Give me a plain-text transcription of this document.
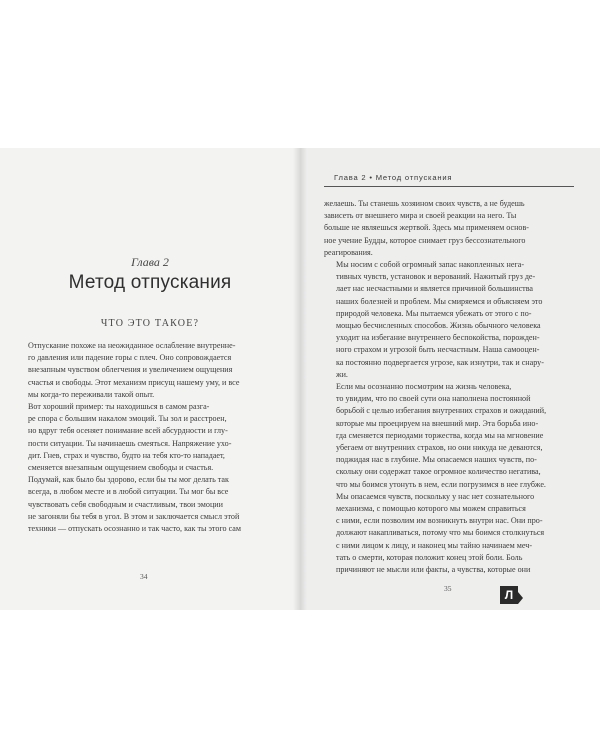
Глава 2
Метод отпускания
ЧТО ЭТО ТАКОЕ?

Отпускание похоже на неожиданное ослабление внутренне-
го давления или падение горы с плеч. Оно сопровождается
внезапным чувством облегчения и увеличением ощущения
счастья и свободы. Этот механизм присущ нашему уму, и все
мы когда-то переживали такой опыт.

Вот хороший пример: ты находишься в самом разга-
ре спора с большим накалом эмоций. Ты зол и расстроен,
но вдруг тебя осеняет понимание всей абсурдности и глу-
пости ситуации. Ты начинаешь смеяться. Напряжение ухо-
дит. Гнев, страх и чувство, будто на тебя кто-то нападает,
сменяется внезапным ощущением свободы и счастья.

Подумай, как было бы здорово, если бы ты мог делать так
всегда, в любом месте и в любой ситуации. Ты мог бы все
чувствовать себя свободным и счастливым, твои эмоции
не загоняли бы тебя в угол. В этом и заключается смысл этой
техники — отпускать осознанно и так часто, как ты этого сам

34
Глава 2 • Метод отпускания

желаешь. Ты станешь хозяином своих чувств, а не будешь
зависеть от внешнего мира и своей реакции на него. Ты
больше не являешься жертвой. Здесь мы применяем основ-
ное учение Будды, которое снимает груз бессознательного
реагирования.

Мы носим с собой огромный запас накопленных нега-
тивных чувств, установок и верований. Нажитый груз де-
лает нас несчастными и является причиной большинства
наших болезней и проблем. Мы смиряемся и объясняем это
природой человека. Мы пытаемся убежать от этого с по-
мощью бесчисленных способов. Жизнь обычного человека
уходит на избегание внутреннего беспокойства, порожден-
ного страхом и угрозой быть несчастным. Наша самооцен-
ка постоянно подвергается угрозе, как изнутри, так и снару-
жи.

Если мы осознанно посмотрим на жизнь человека,
то увидим, что по своей сути она наполнена постоянной
борьбой с целью избегания внутренних страхов и ожиданий,
которые мы проецируем на внешний мир. Эта борьба ино-
гда сменяется периодами торжества, когда мы на мгновение
убегаем от внутренних страхов, но они никуда не деваются,
поджидая нас в глубине. Мы опасаемся наших чувств, по-
скольку они содержат такое огромное количество негатива,
что мы боимся утонуть в нем, если погрузимся в нее глубже.
Мы опасаемся чувств, поскольку у нас нет сознательного
механизма, с помощью которого мы можем справиться
с ними, если позволим им возникнуть внутри нас. Они про-
должают накапливаться, потому что мы боимся столкнуться
с ними лицом к лицу, и наконец мы тайно начинаем меч-
тать о смерти, которая положит конец этой боли. Боль
причиняют не мысли или факты, а чувства, которые они

35	Л
